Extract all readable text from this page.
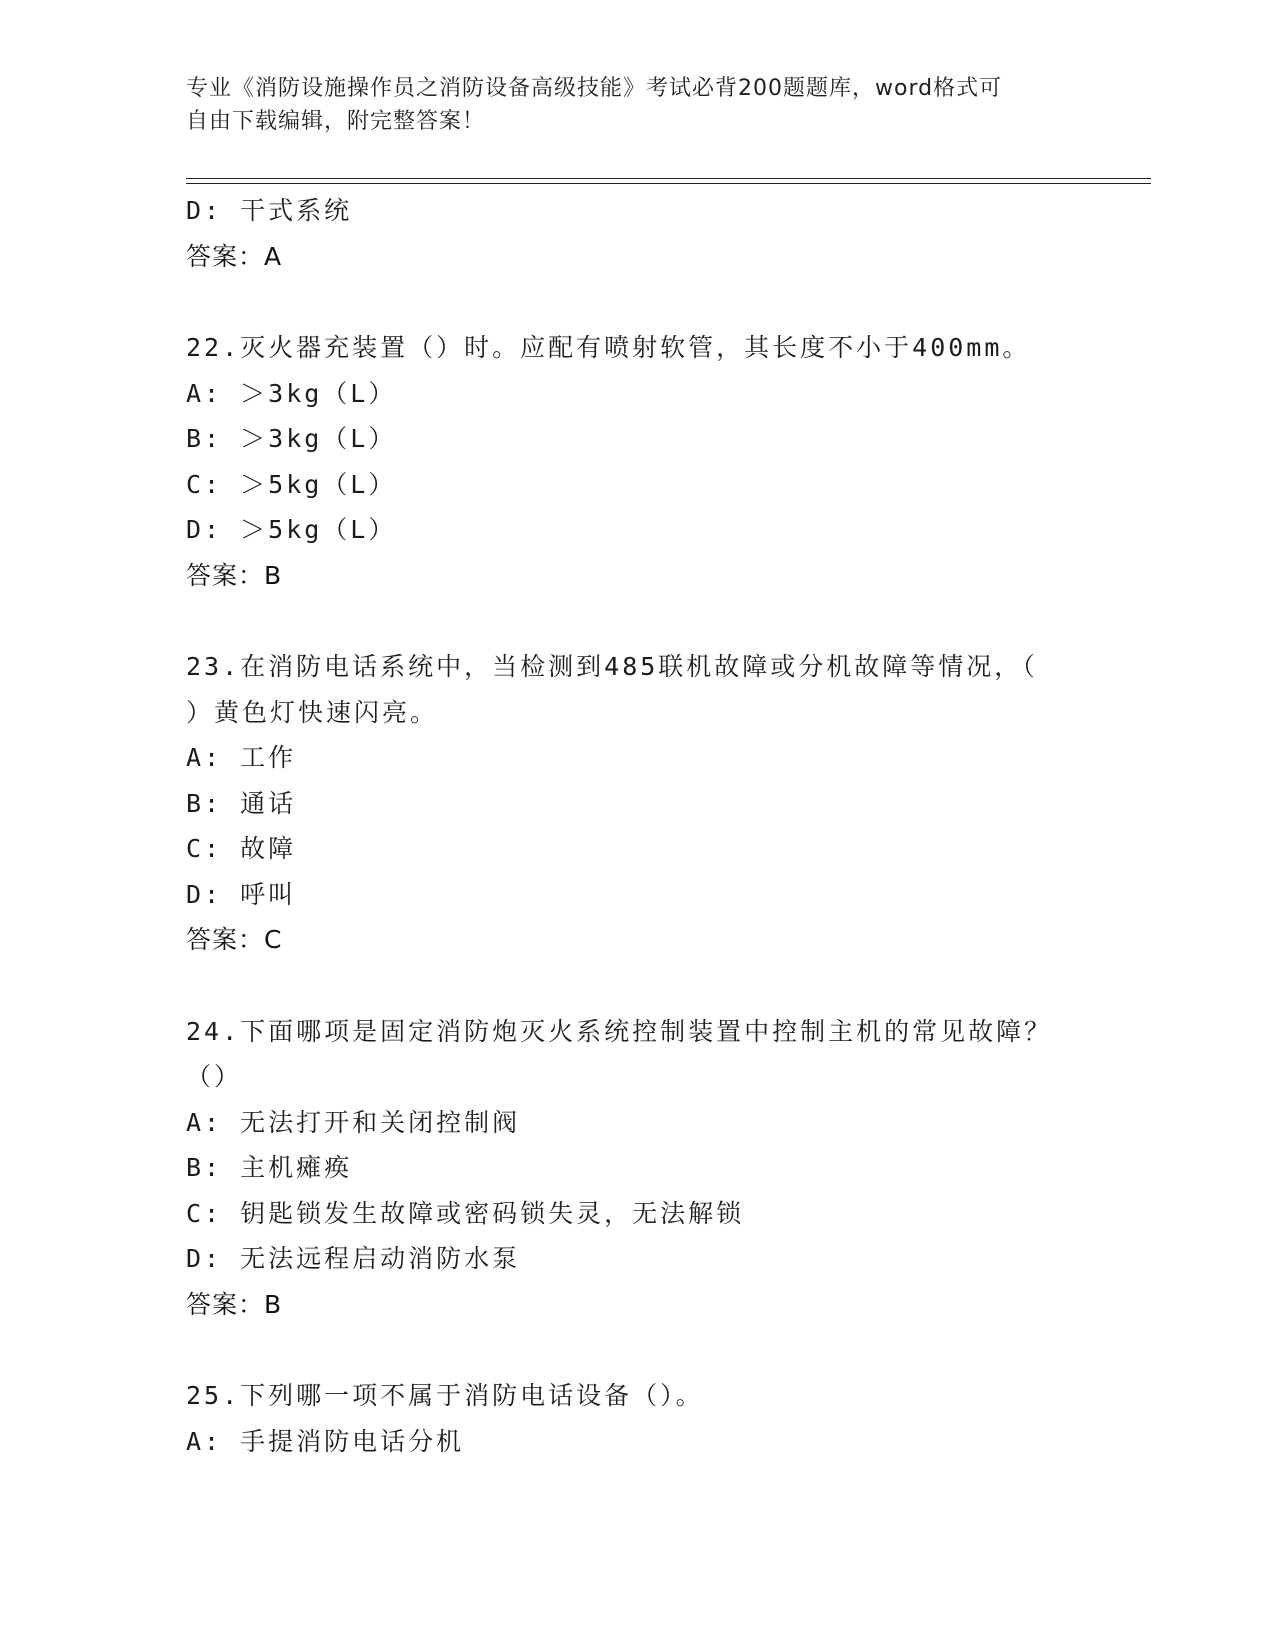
专业《消防设施操作员之消防设备高级技能》考试必背200题题库，word格式可
自由下载编辑，附完整答案！
D: 干式系统
答案：A
22.灭火器充装置（）时。应配有喷射软管，其长度不小于400mm。
A: ＞3kg（L）
B: ＞3kg（L）
C: ＞5kg（L）
D: ＞5kg（L）
答案：B
23.在消防电话系统中，当检测到485联机故障或分机故障等情况，（
）黄色灯快速闪亮。
A: 工作
B: 通话
C: 故障
D: 呼叫
答案：C
24.下面哪项是固定消防炮灭火系统控制装置中控制主机的常见故障？
（）
A: 无法打开和关闭控制阀
B: 主机瘫痪
C: 钥匙锁发生故障或密码锁失灵，无法解锁
D: 无法远程启动消防水泵
答案：B
25.下列哪一项不属于消防电话设备（）。
A: 手提消防电话分机
